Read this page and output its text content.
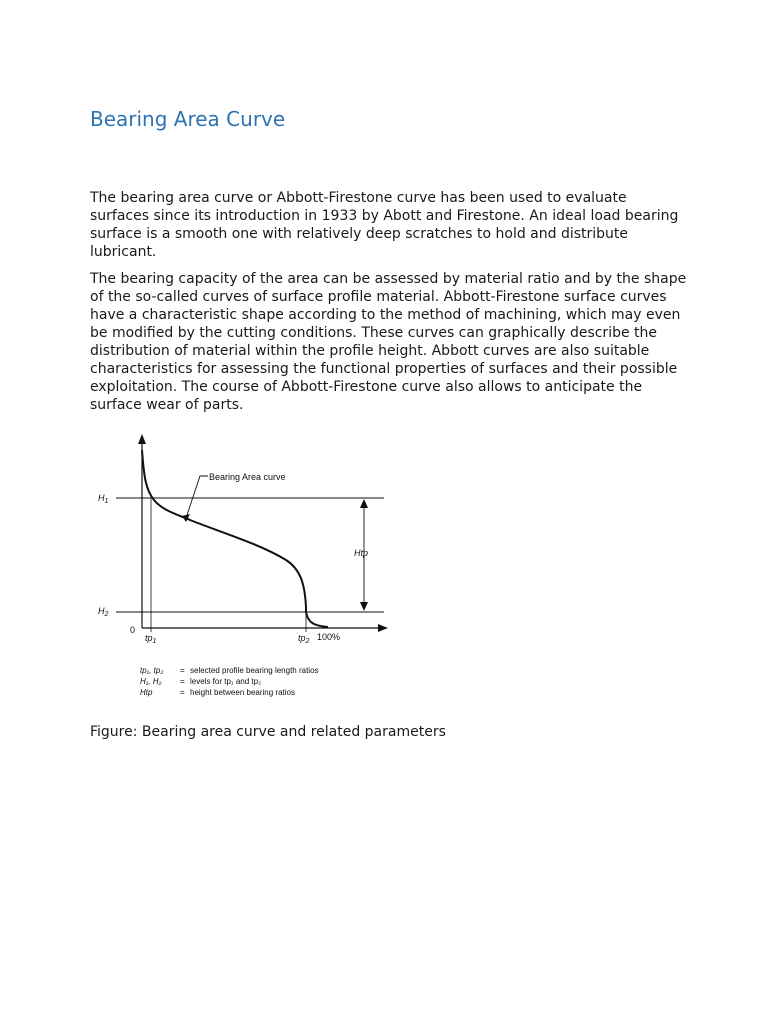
Bearing Area Curve

The bearing area curve or Abbott-Firestone curve has been used to evaluate surfaces since its introduction in 1933 by Abott and Firestone. An ideal load bearing surface is a smooth one with relatively deep scratches to hold and distribute lubricant.

The bearing capacity of the area can be assessed by material ratio and by the shape of the so-called curves of surface profile material. Abbott-Firestone surface curves have a characteristic shape according to the method of machining, which may even be modified by the cutting conditions. These curves can graphically describe the distribution of material within the profile height. Abbott curves are also suitable characteristics for assessing the functional properties of surfaces and their possible exploitation. The course of Abbott-Firestone curve also allows to anticipate the surface wear of parts.

Bearing Area curve
Htp
$H_1$
$H_2$
0
$tp_1$	$tp_2$ 100%
tp₁, tp₂ = selected profile bearing length ratios
H₁, H₂ = levels for tp₁ and tp₂
Htp	= height between bearing ratios

Figure: Bearing area curve and related parameters
